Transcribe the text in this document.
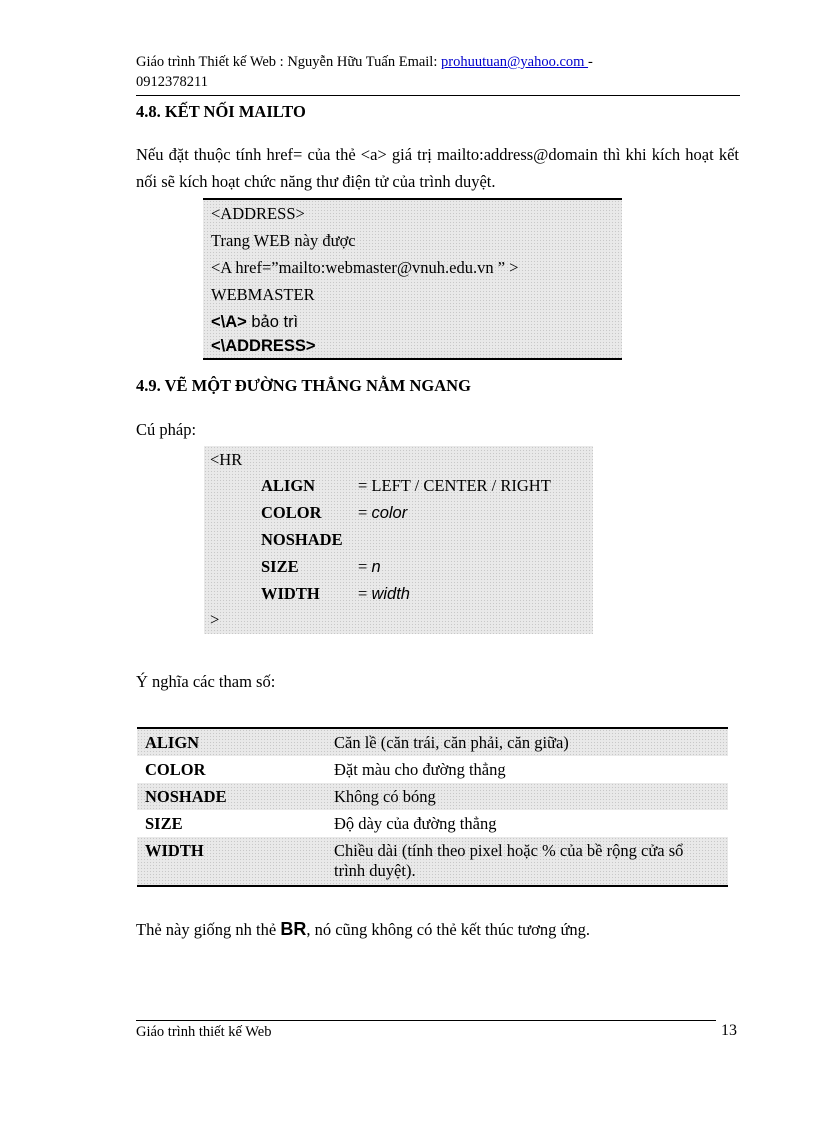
Giáo trình Thiết kế Web : Nguyễn Hữu Tuấn Email: prohuutuan@yahoo.com -
0912378211
4.8. KẾT NỐI MAILTO
Nếu đặt thuộc tính href= của thẻ <a> giá trị mailto:address@domain thì khi kích hoạt kết nối sẽ kích hoạt chức năng thư điện tử của trình duyệt.
<ADDRESS>
Trang WEB này được
<A href=”mailto:webmaster@vnuh.edu.vn ” >
WEBMASTER
<\A> bảo trì
<\ADDRESS>
4.9. VẼ MỘT ĐƯỜNG THẲNG NẰM NGANG
Cú pháp:
<HR
ALIGN	= LEFT / CENTER / RIGHT
COLOR = color
NOSHADE
SIZE	= n
WIDTH = width
>
Ý nghĩa các tham số:
ALIGN	Căn lề (căn trái, căn phải, căn giữa)
COLOR	Đặt màu cho đường thẳng
NOSHADE	Không có bóng
SIZE	Độ dày của đường thẳng
WIDTH	Chiều dài (tính theo pixel hoặc % của bề rộng cửa sổ trình duyệt).
Thẻ này giống nh thẻ BR, nó cũng không có thẻ kết thúc tương ứng.
Giáo trình thiết kế Web	13
